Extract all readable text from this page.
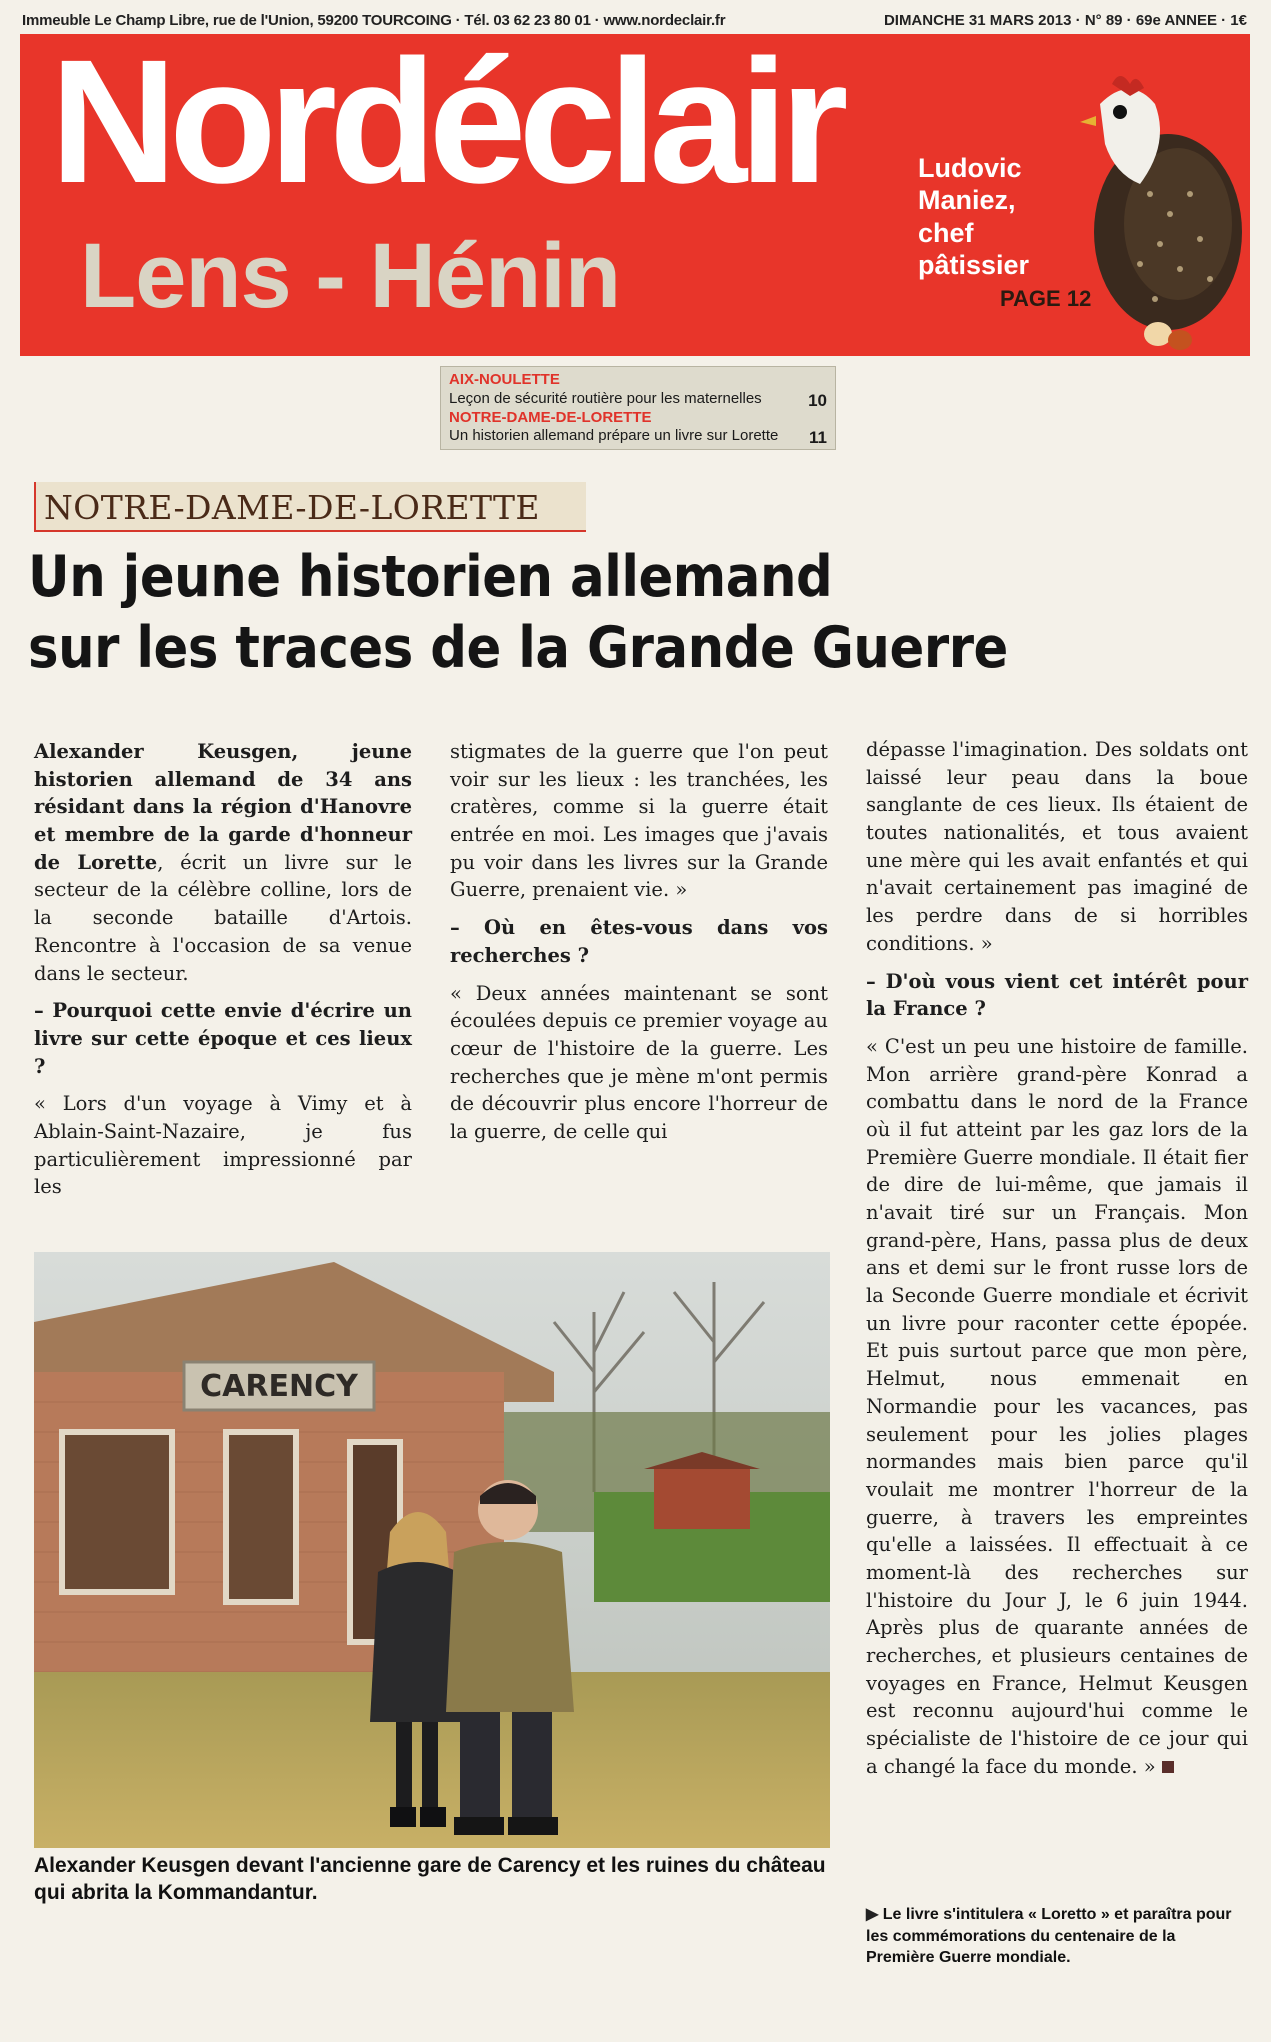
Immeuble Le Champ Libre, rue de l'Union, 59200 TOURCOING · Tél. 03 62 23 80 01 · www.nordeclair.fr	DIMANCHE 31 MARS 2013 · N° 89 · 69e ANNEE · 1€
Nordéclair
Lens - Hénin
Ludovic
Maniez,
chef
pâtissier
PAGE 12
AIX-NOULETTE
Leçon de sécurité routière pour les maternelles	10
NOTRE-DAME-DE-LORETTE
Un historien allemand prépare un livre sur Lorette 11
NOTRE-DAME-DE-LORETTE
Un jeune historien allemand
sur les traces de la Grande Guerre

Alexander Keusgen, jeune historien allemand de 34 ans résidant dans la région d'Hanovre et membre de la garde d'honneur de Lorette, écrit un livre sur le secteur de la célèbre colline, lors de la seconde bataille d'Artois. Rencontre à l'occasion de sa venue dans le secteur.

– Pourquoi cette envie d'écrire un livre sur cette époque et ces lieux ?

« Lors d'un voyage à Vimy et à Ablain-Saint-Nazaire, je fus particulièrement impressionné par les

stigmates de la guerre que l'on peut voir sur les lieux : les tranchées, les cratères, comme si la guerre était entrée en moi. Les images que j'avais pu voir dans les livres sur la Grande Guerre, prenaient vie. »

– Où en êtes-vous dans vos recherches ?

« Deux années maintenant se sont écoulées depuis ce premier voyage au cœur de l'histoire de la guerre. Les recherches que je mène m'ont permis de découvrir plus encore l'horreur de la guerre, de celle qui

dépasse l'imagination. Des soldats ont laissé leur peau dans la boue sanglante de ces lieux. Ils étaient de toutes nationalités, et tous avaient une mère qui les avait enfantés et qui n'avait certainement pas imaginé de les perdre dans de si horribles conditions. »

– D'où vous vient cet intérêt pour la France ?

« C'est un peu une histoire de famille. Mon arrière grand-père Konrad a combattu dans le nord de la France où il fut atteint par les gaz lors de la Première Guerre mondiale. Il était fier de dire de lui-même, que jamais il n'avait tiré sur un Français. Mon grand-père, Hans, passa plus de deux ans et demi sur le front russe lors de la Seconde Guerre mondiale et écrivit un livre pour raconter cette épopée. Et puis surtout parce que mon père, Helmut, nous emmenait en Normandie pour les vacances, pas seulement pour les jolies plages normandes mais bien parce qu'il voulait me montrer l'horreur de la guerre, à travers les empreintes qu'elle a laissées. Il effectuait à ce moment-là des recherches sur l'histoire du Jour J, le 6 juin 1944. Après plus de quarante années de recherches, et plusieurs centaines de voyages en France, Helmut Keusgen est reconnu aujourd'hui comme le spécialiste de l'histoire de ce jour qui a changé la face du monde. »

CARENCY
Alexander Keusgen devant l'ancienne gare de Carency et les ruines du château qui abrita la Kommandantur.
▶ Le livre s'intitulera « Loretto » et paraîtra pour les commémorations du centenaire de la Première Guerre mondiale.
